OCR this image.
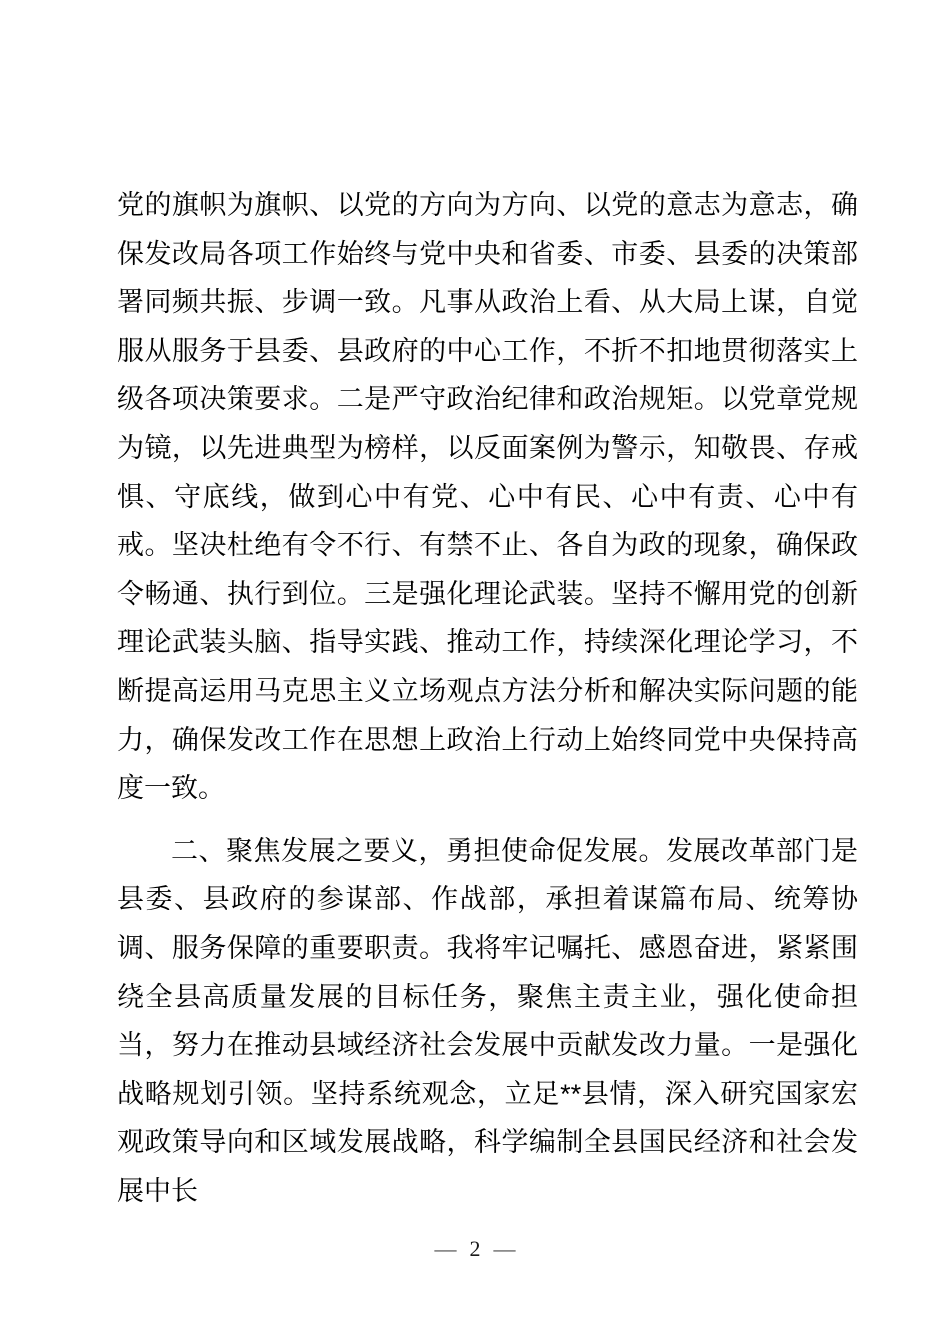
党的旗帜为旗帜、以党的方向为方向、以党的意志为意志，确保发改局各项工作始终与党中央和省委、市委、县委的决策部署同频共振、步调一致。凡事从政治上看、从大局上谋，自觉服从服务于县委、县政府的中心工作，不折不扣地贯彻落实上级各项决策要求。二是严守政治纪律和政治规矩。以党章党规为镜，以先进典型为榜样，以反面案例为警示，知敬畏、存戒惧、守底线，做到心中有党、心中有民、心中有责、心中有戒。坚决杜绝有令不行、有禁不止、各自为政的现象，确保政令畅通、执行到位。三是强化理论武装。坚持不懈用党的创新理论武装头脑、指导实践、推动工作，持续深化理论学习，不断提高运用马克思主义立场观点方法分析和解决实际问题的能力，确保发改工作在思想上政治上行动上始终同党中央保持高度一致。

二、聚焦发展之要义，勇担使命促发展。发展改革部门是县委、县政府的参谋部、作战部，承担着谋篇布局、统筹协调、服务保障的重要职责。我将牢记嘱托、感恩奋进，紧紧围绕全县高质量发展的目标任务，聚焦主责主业，强化使命担当，努力在推动县域经济社会发展中贡献发改力量。一是强化战略规划引领。坚持系统观念，立足**县情，深入研究国家宏观政策导向和区域发展战略，科学编制全县国民经济和社会发展中长

— 2 —
